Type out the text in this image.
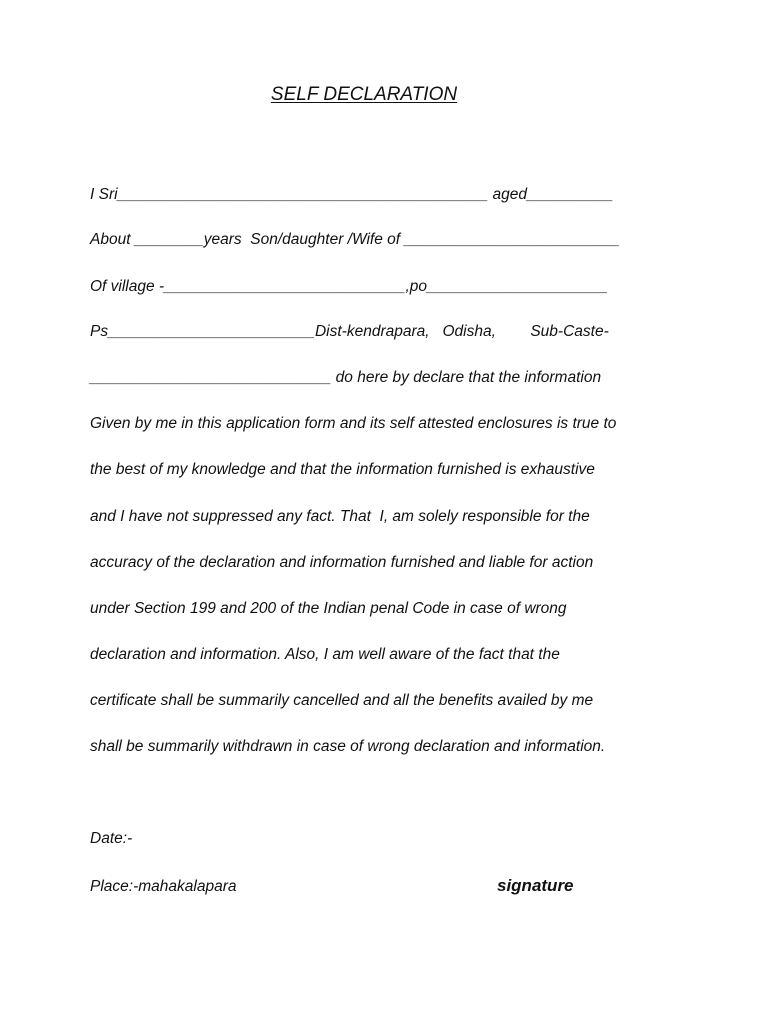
SELF DECLARATION
I Sri___________________________________________ aged__________
About ________years  Son/daughter /Wife of _________________________
Of village -____________________________,po_____________________
Ps________________________Dist-kendrapara,   Odisha,        Sub-Caste-
____________________________ do here by declare that the information
Given by me in this application form and its self attested enclosures is true to
the best of my knowledge and that the information furnished is exhaustive
and I have not suppressed any fact. That  I, am solely responsible for the
accuracy of the declaration and information furnished and liable for action
under Section 199 and 200 of the Indian penal Code in case of wrong
declaration and information. Also, I am well aware of the fact that the
certificate shall be summarily cancelled and all the benefits availed by me
shall be summarily withdrawn in case of wrong declaration and information.
Date:-
Place:-mahakalapara	signature
